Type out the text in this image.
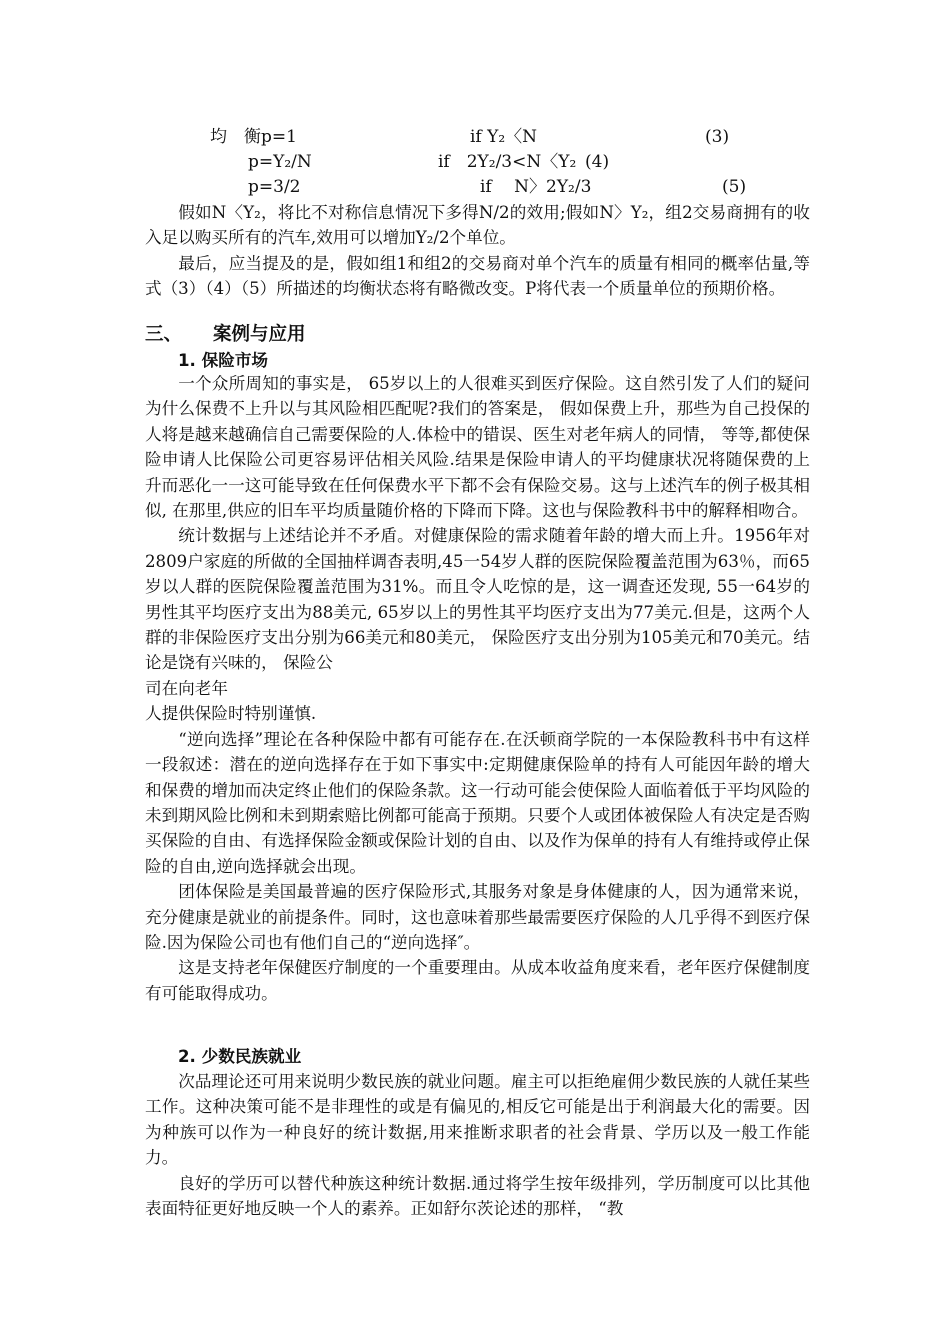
均　衡p=1	if Y₂〈N	(3)
p=Y₂/N	if　2Y₂/3<N〈Y₂ (4)
p=3/2	if　 N〉2Y₂/3	(5)

假如N〈Y₂，将比不对称信息情况下多得N/2的效用;假如N〉Y₂，组2交易商拥有的收入足以购买所有的汽车,效用可以增加Y₂/2个单位。

最后，应当提及的是，假如组1和组2的交易商对单个汽车的质量有相同的概率估量,等式（3）（4）（5）所描述的均衡状态将有略微改变。P将代表一个质量单位的预期价格。

三、 案例与应用
1. 保险市场

一个众所周知的事实是， 65岁以上的人很难买到医疗保险。这自然引发了人们的疑问为什么保费不上升以与其风险相匹配呢?我们的答案是， 假如保费上升，那些为自己投保的人将是越来越确信自己需要保险的人.体检中的错误、医生对老年病人的同情， 等等,都使保险申请人比保险公司更容易评估相关风险.结果是保险申请人的平均健康状况将随保费的上升而恶化一一这可能导致在任何保费水平下都不会有保险交易。这与上述汽车的例子极其相似, 在那里,供应的旧车平均质量随价格的下降而下降。这也与保险教科书中的解释相吻合。

统计数据与上述结论并不矛盾。对健康保险的需求随着年龄的增大而上升。1956年对2809户家庭的所做的全国抽样调杳表明,45一54岁人群的医院保险覆盖范围为63％，而65岁以人群的医院保险覆盖范围为31%。而且令人吃惊的是，这一调查还发现, 55一64岁的男性其平均医疗支出为88美元, 65岁以上的男性其平均医疗支出为77美元.但是，这两个人群的非保险医疗支出分别为66美元和80美元， 保险医疗支出分别为105美元和70美元。结论是饶有兴味的， 保险公

司在向老年

人提供保险时特别谨慎.

“逆向选择”理论在各种保险中都有可能存在.在沃顿商学院的一本保险教科书中有这样一段叙述：潜在的逆向选择存在于如下事实中:定期健康保险单的持有人可能因年龄的增大和保费的增加而决定终止他们的保险条款。这一行动可能会使保险人面临着低于平均风险的未到期风险比例和未到期索赔比例都可能高于预期。只要个人或团体被保险人有决定是否购买保险的自由、有选择保险金额或保险计划的自由、以及作为保单的持有人有维持或停止保险的自由,逆向选择就会出现。

团体保险是美国最普遍的医疗保险形式,其服务对象是身体健康的人，因为通常来说，充分健康是就业的前提条件。同时，这也意味着那些最需要医疗保险的人几乎得不到医疗保险.因为保险公司也有他们自己的“逆向选择″。

这是支持老年保健医疗制度的一个重要理由。从成本收益角度来看，老年医疗保健制度有可能取得成功。

2. 少数民族就业

次品理论还可用来说明少数民族的就业问题。雇主可以拒绝雇佣少数民族的人就任某些工作。这种决策可能不是非理性的或是有偏见的,相反它可能是出于利润最大化的需要。因为种族可以作为一种良好的统计数据,用来推断求职者的社会背景、学历以及一般工作能力。

良好的学历可以替代种族这种统计数据.通过将学生按年级排列，学历制度可以比其他表面特征更好地反映一个人的素养。正如舒尔茨论述的那样， “教
